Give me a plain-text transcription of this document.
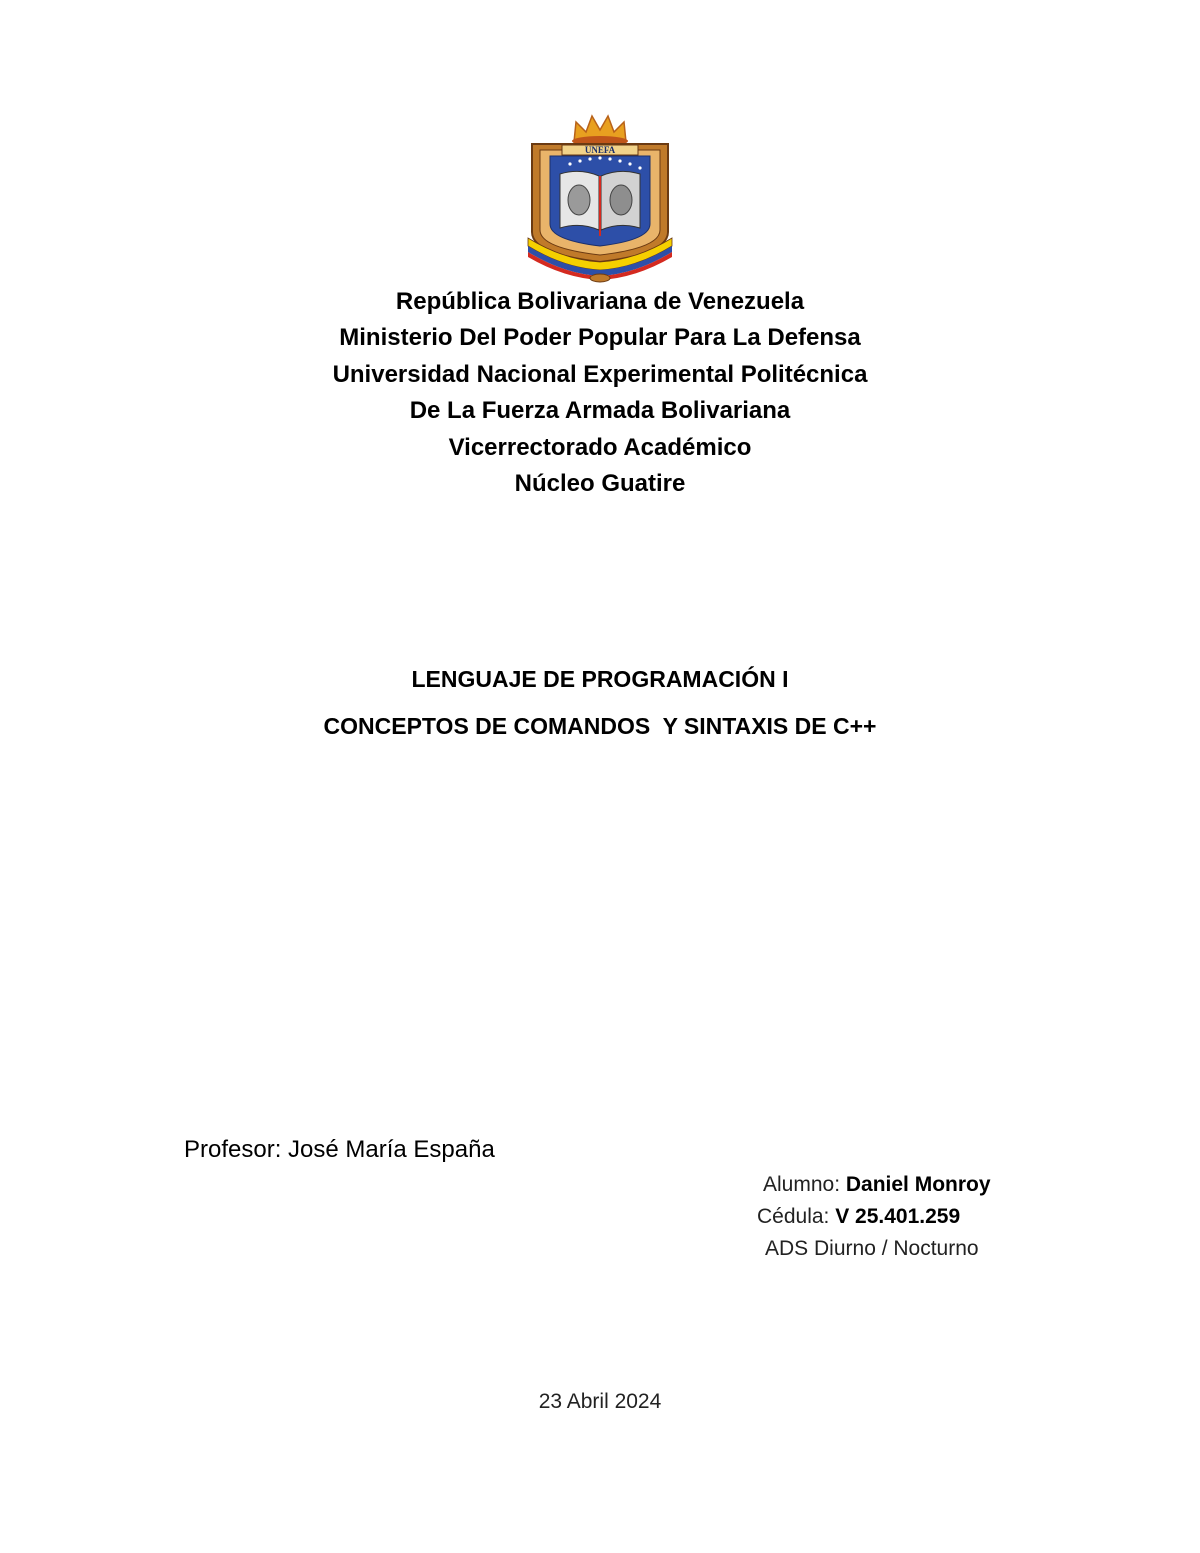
UNEFA
República Bolivariana de Venezuela
Ministerio Del Poder Popular Para La Defensa
Universidad Nacional Experimental Politécnica
De La Fuerza Armada Bolivariana
Vicerrectorado Académico
Núcleo Guatire
LENGUAJE DE PROGRAMACIÓN I
CONCEPTOS DE COMANDOS  Y SINTAXIS DE C++
Profesor: José María España
Alumno: Daniel Monroy
Cédula: V 25.401.259
ADS Diurno / Nocturno
23 Abril 2024
